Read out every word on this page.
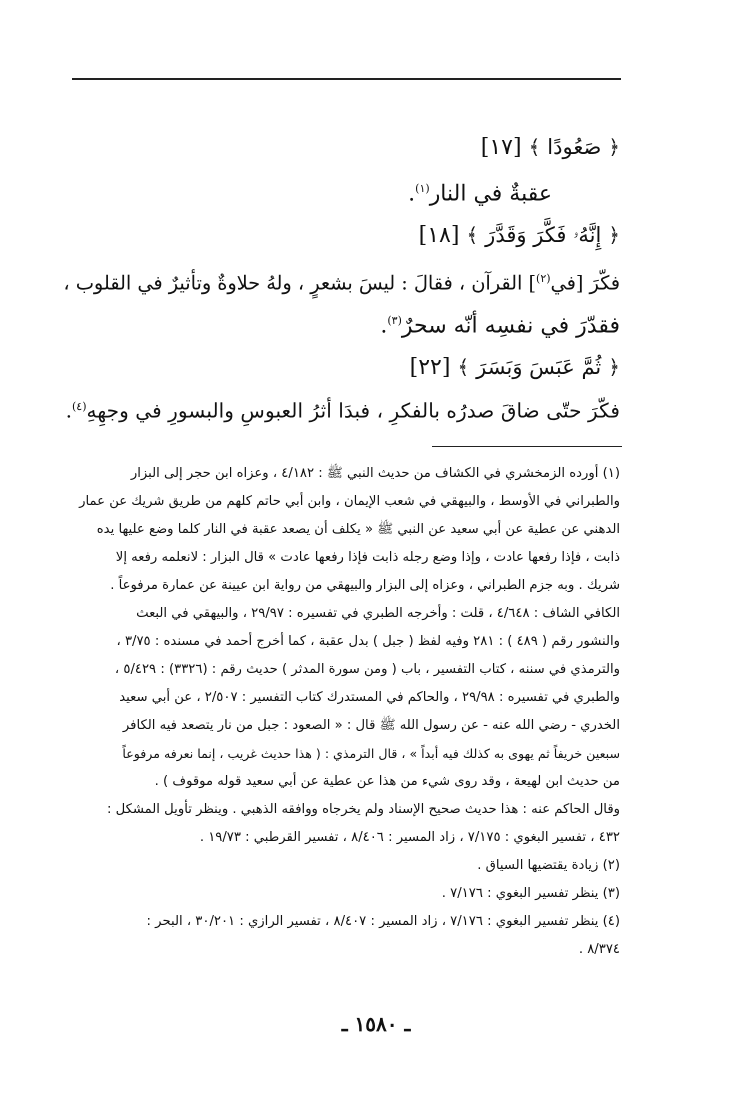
﴿ صَعُودًا ﴾ [١٧]
عقبةٌ في النار$^{(١)}$.
﴿ إِنَّهُۥ فَكَّرَ وَقَدَّرَ ﴾ [١٨]
فكّرَ [في$^{(٢)}$] القرآن ، فقالَ : ليسَ بشعرٍ ، ولهُ حلاوةٌ وتأثيرٌ في القلوب ،
فقدّرَ في نفسِه أنّه سحرٌ$^{(٣)}$.
﴿ ثُمَّ عَبَسَ وَبَسَرَ ﴾ [٢٢]
فكّرَ حتّى ضاقَ صدرُه بالفكرِ ، فبدَا أثرُ العبوسِ والبسورِ في وجهِهِ$^{(٤)}$.
(١) أورده الزمخشري في الكشاف من حديث النبي ﷺ : ٤/١٨٢ ، وعزاه ابن حجر إلى البزار
والطبراني في الأوسط ، والبيهقي في شعب الإيمان ، وابن أبي حاتم كلهم من طريق شريك عن عمار
الدهني عن عطية عن أبي سعيد عن النبي ﷺ « يكلف أن يصعد عقبة في النار كلما وضع عليها يده
ذابت ، فإذا رفعها عادت ، وإذا وضع رجله ذابت فإذا رفعها عادت » قال البزار : لانعلمه رفعه إلا
شريك . وبه جزم الطبراني ، وعزاه إلى البزار والبيهقي من رواية ابن عيينة عن عمارة مرفوعاً .
الكافي الشاف : ٤/٦٤٨ ، قلت : وأخرجه الطبري في تفسيره : ٢٩/٩٧ ، والبيهقي في البعث
والنشور رقم ( ٤٨٩ ) : ٢٨١ وفيه لفظ ( جبل ) بدل عقبة ، كما أخرج أحمد في مسنده : ٣/٧٥ ،
والترمذي في سننه ، كتاب التفسير ، باب ( ومن سورة المدثر ) حديث رقم : (٣٣٢٦) : ٥/٤٢٩ ،
والطبري في تفسيره : ٢٩/٩٨ ، والحاكم في المستدرك كتاب التفسير : ٢/٥٠٧ ، عن أبي سعيد
الخدري - رضي الله عنه - عن رسول الله ﷺ قال : « الصعود : جبل من نار يتصعد فيه الكافر
سبعين خريفاً ثم يهوى به كذلك فيه أبداً » ، قال الترمذي : ( هذا حديث غريب ، إنما نعرفه مرفوعاً
من حديث ابن لهيعة ، وقد روى شيء من هذا عن عطية عن أبي سعيد قوله موقوف ) .
وقال الحاكم عنه : هذا حديث صحيح الإسناد ولم يخرجاه ووافقه الذهبي . وينظر تأويل المشكل :
٤٣٢ ، تفسير البغوي : ٧/١٧٥ ، زاد المسير : ٨/٤٠٦ ، تفسير القرطبي : ١٩/٧٣ .
(٢) زيادة يقتضيها السياق .
(٣) ينظر تفسير البغوي : ٧/١٧٦ .
(٤) ينظر تفسير البغوي : ٧/١٧٦ ، زاد المسير : ٨/٤٠٧ ، تفسير الرازي : ٣٠/٢٠١ ، البحر :
. ٨/٣٧٤
ـ ١٥٨٠ ـ
